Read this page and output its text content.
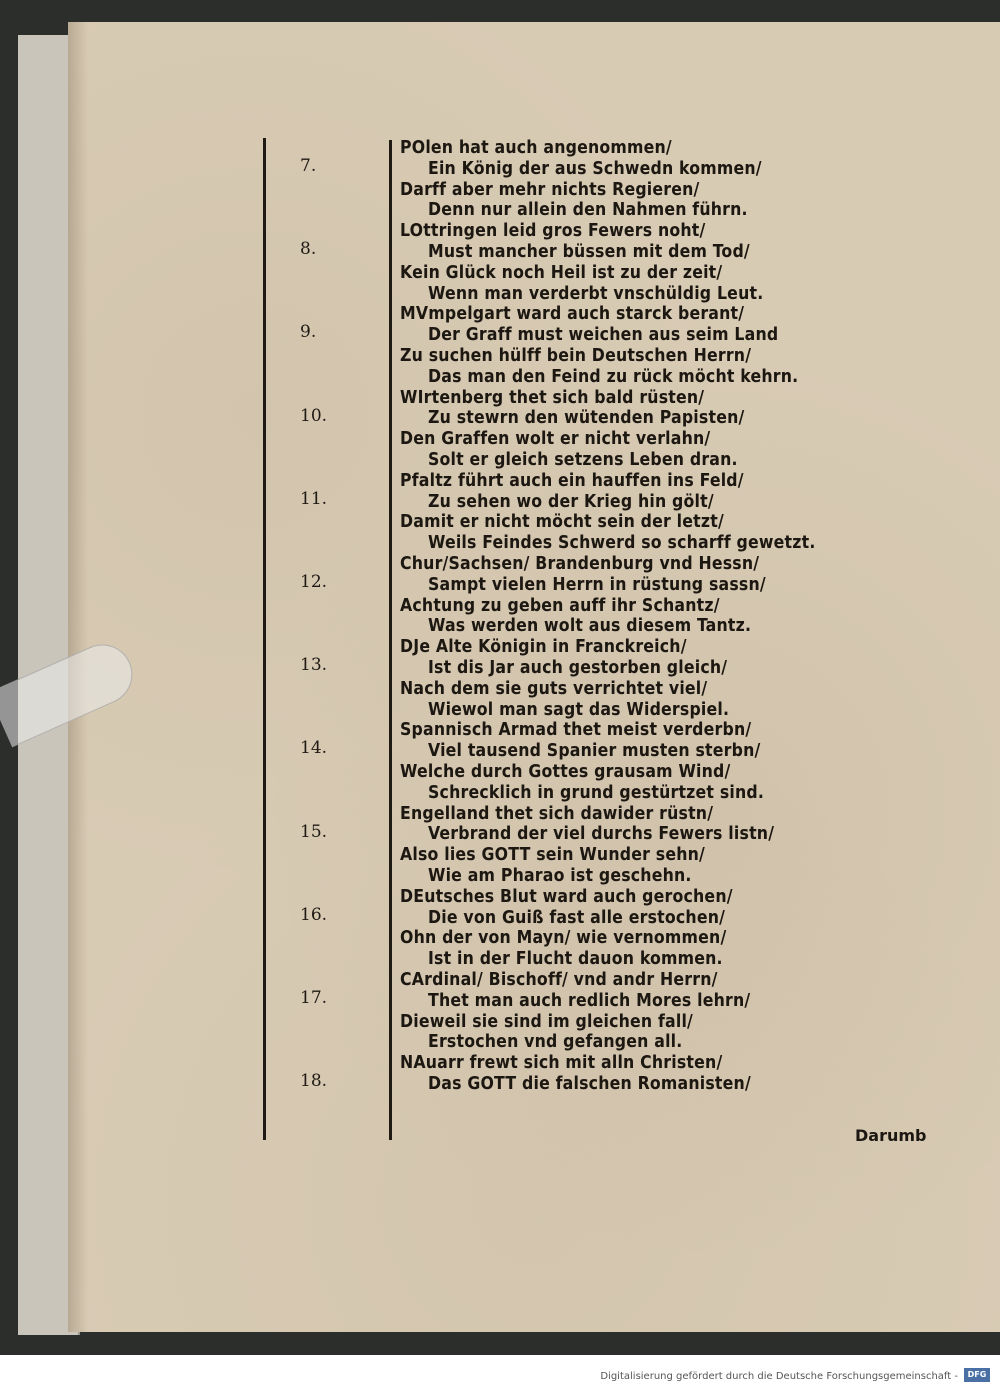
7.
POlen hat auch angenommen/
Ein König der aus Schwedn kommen/
Darff aber mehr nichts Regieren/
Denn nur allein den Nahmen führn.
8.
LOttringen leid gros Fewers noht/
Must mancher büssen mit dem Tod/
Kein Glück noch Heil ist zu der zeit/
Wenn man verderbt vnschüldig Leut.
9.
MVmpelgart ward auch starck berant/
Der Graff must weichen aus seim Land
Zu suchen hülff bein Deutschen Herrn/
Das man den Feind zu rück möcht kehrn.
10.
WIrtenberg thet sich bald rüsten/
Zu stewrn den wütenden Papisten/
Den Graffen wolt er nicht verlahn/
Solt er gleich setzens Leben dran.
11.
Pfaltz führt auch ein hauffen ins Feld/
Zu sehen wo der Krieg hin gölt/
Damit er nicht möcht sein der letzt/
Weils Feindes Schwerd so scharff gewetzt.
12.
Chur/Sachsen/ Brandenburg vnd Hessn/
Sampt vielen Herrn in rüstung sassn/
Achtung zu geben auff ihr Schantz/
Was werden wolt aus diesem Tantz.
13.
DJe Alte Königin in Franckreich/
Ist dis Jar auch gestorben gleich/
Nach dem sie guts verrichtet viel/
Wiewol man sagt das Widerspiel.
14.
Spannisch Armad thet meist verderbn/
Viel tausend Spanier musten sterbn/
Welche durch Gottes grausam Wind/
Schrecklich in grund gestürtzet sind.
15.
Engelland thet sich dawider rüstn/
Verbrand der viel durchs Fewers listn/
Also lies GOTT sein Wunder sehn/
Wie am Pharao ist geschehn.
16.
DEutsches Blut ward auch gerochen/
Die von Guiß fast alle erstochen/
Ohn der von Mayn/ wie vernommen/
Ist in der Flucht dauon kommen.
17.
CArdinal/ Bischoff/ vnd andr Herrn/
Thet man auch redlich Mores lehrn/
Dieweil sie sind im gleichen fall/
Erstochen vnd gefangen all.
18.
NAuarr frewt sich mit alln Christen/
Das GOTT die falschen Romanisten/
Darumb
Digitalisierung gefördert durch die Deutsche Forschungsgemeinschaft -	DFG
